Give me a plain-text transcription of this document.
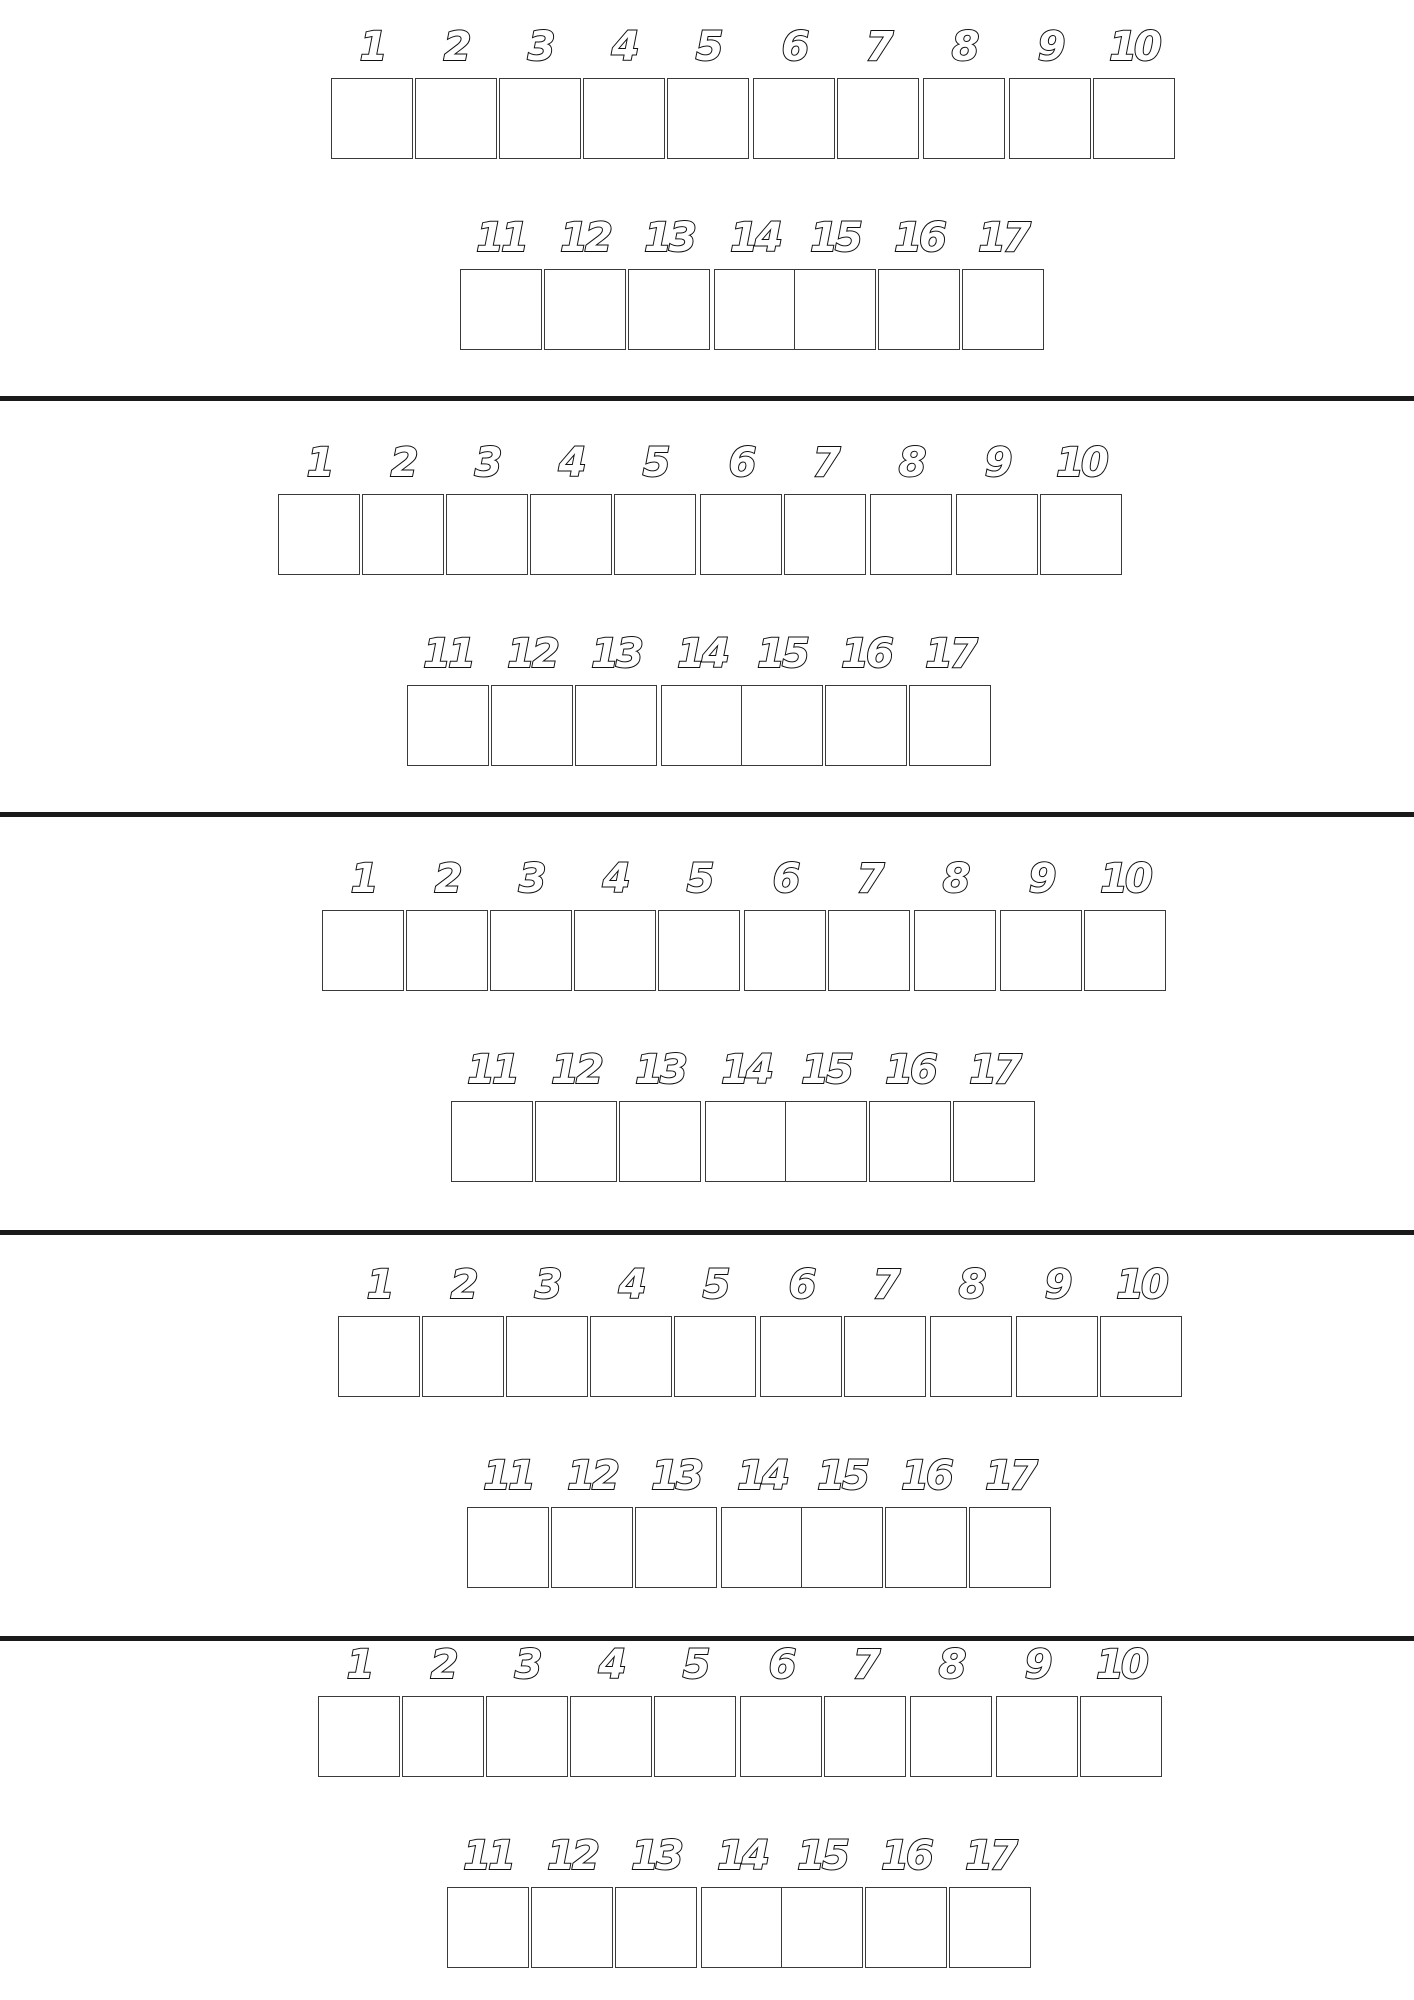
1	2	3	4	5	6	7	8	9	10
11 12 13 14 15 16 17
1	2	3	4	5	6	7	8	9	10
11 12 13 14 15 16 17
1	2	3	4	5	6	7	8	9	10
11 12 13 14 15 16 17
1	2	3	4	5	6	7	8	9	10
11 12 13 14 15 16 17
1	2	3	4	5	6	7	8	9	10
11 12 13 14 15 16 17
